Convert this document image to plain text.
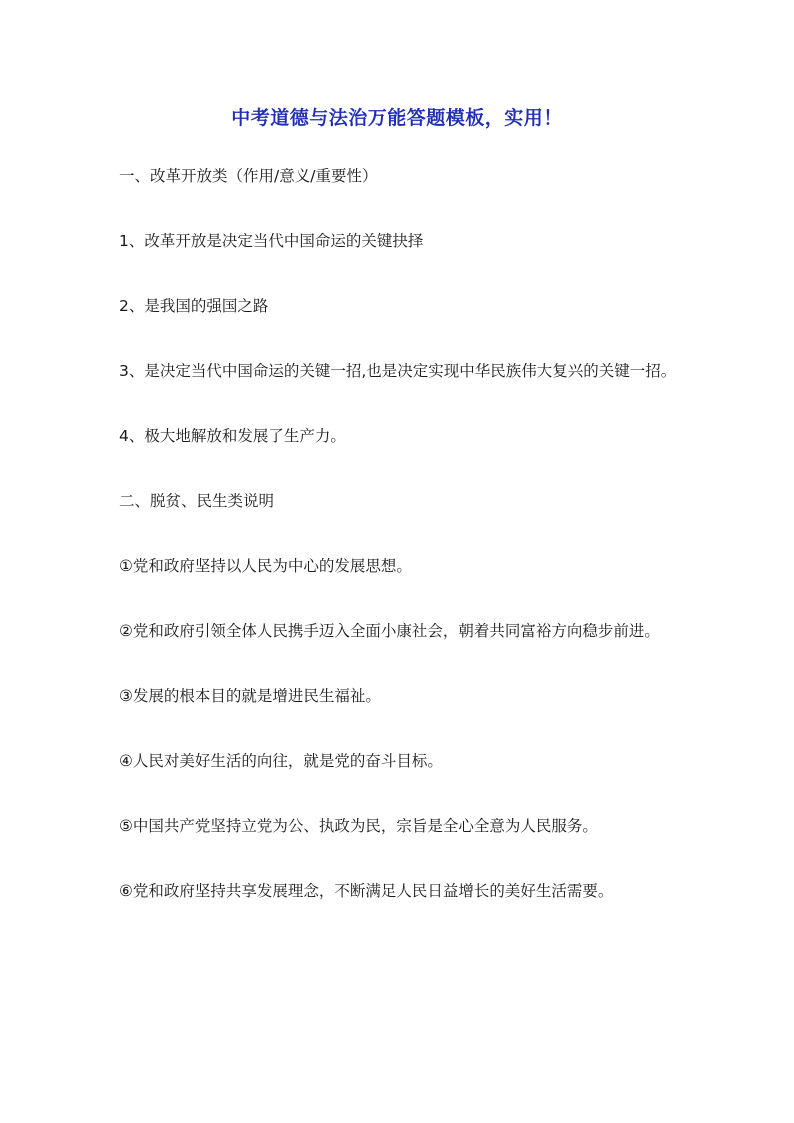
中考道德与法治万能答题模板，实用！

一、改革开放类（作用/意义/重要性）

1、改革开放是决定当代中国命运的关键抉择

2、是我国的强国之路

3、是决定当代中国命运的关键一招,也是决定实现中华民族伟大复兴的关键一招。

4、极大地解放和发展了生产力。

二、脱贫、民生类说明

①党和政府坚持以人民为中心的发展思想。

②党和政府引领全体人民携手迈入全面小康社会，朝着共同富裕方向稳步前进。

③发展的根本目的就是增进民生福祉。

④人民对美好生活的向往，就是党的奋斗目标。

⑤中国共产党坚持立党为公、执政为民，宗旨是全心全意为人民服务。

⑥党和政府坚持共享发展理念，不断满足人民日益增长的美好生活需要。
